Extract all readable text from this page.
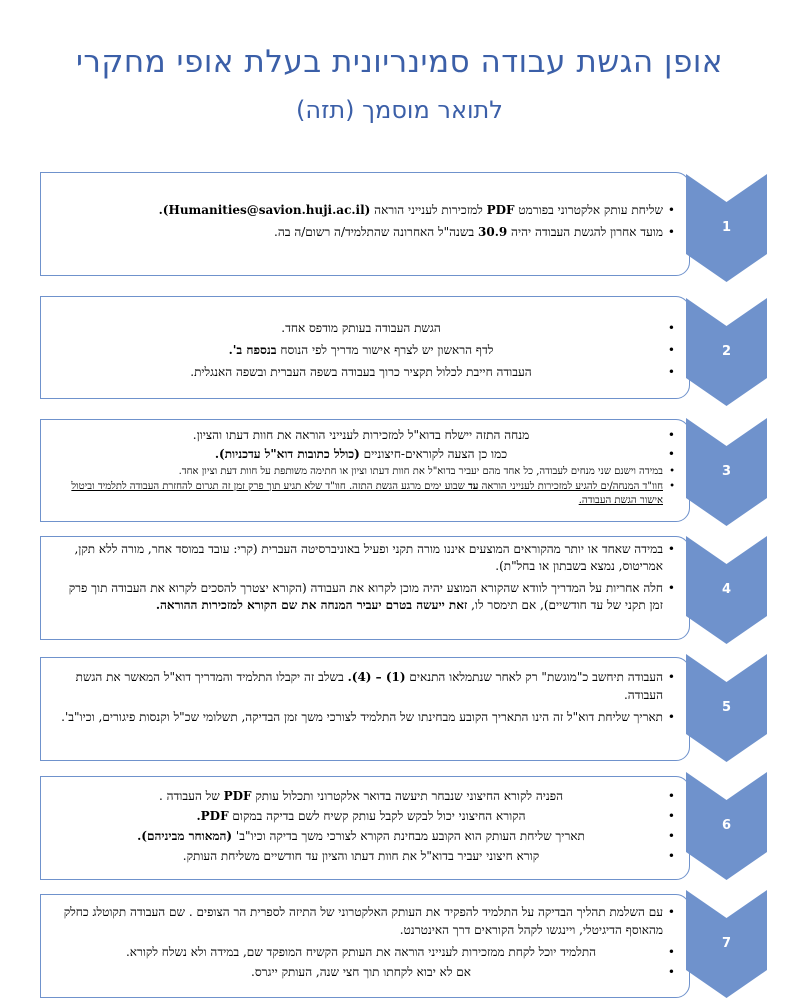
אופן הגשת עבודה סמינריונית בעלת אופי מחקרי
לתואר מוסמך (תזה)
• שליחת עותק אלקטרוני בפורמט PDF למזכירות לענייני הוראה (Humanities@savion.huji.ac.il).
• מועד אחרון להגשת העבודה יהיה 30.9 בשנה"ל האחרונה שהתלמיד/ה רשום/ה בה.	1
• הגשת העבודה בעותק מודפס אחד.
• לדף הראשון יש לצרף אישור מדריך לפי הנוסח בנספח ב'.
• העבודה חייבת לכלול תקציר כרוך בעבודה בשפה העברית ובשפה האנגלית.
2
• מנחה התזה יישלח בדוא"ל למזכירות לענייני הוראה את חוות דעתו והציון.
• כמו כן הצעה לקוראים-חיצוניים (כולל כתובות דוא"ל עדכניות).
• במידה וישנם שני מנחים לעבודה, כל אחד מהם יעביר בדוא"ל את חוות דעתו וציון או חתימה משותפת על חוות דעת וציון אחד.
• חוו"ד המנחה/ים להגיע למזכירות לענייני הוראה עד שבוע ימים מרגע הגשת התזה. חוו"ד שלא תגיע תוך פרק זמן זה תגרום להחזרת העבודה לתלמיד וביטול אישור הגשת העבודה.
3
• במידה שאחד או יותר מהקוראים המוצעים איננו מורה תקני ופעיל באוניברסיטה העברית (קרי: עובד במוסד אחר, מורה ללא תקן, אמריטוס, נמצא בשבתון או בחל"ת).
• חלה אחריות על המדריך לוודא שהקורא המוצע יהיה מוכן לקרוא את העבודה (הקורא יצטרך להסכים לקרוא את העבודה תוך פרק זמן תקני של עד חודשיים), אם תימסר לו, זאת ייעשה בטרם יעביר המנחה את שם הקורא למזכירות ההוראה.
4
• העבודה תיחשב כ"מוגשת" רק לאחר שנתמלאו התנאים (1) – (4). בשלב זה יקבלו התלמיד והמדריך דוא"ל המאשר את הגשת העבודה.
• תאריך שליחת דוא"ל זה הינו התאריך הקובע מבחינתו של התלמיד לצורכי משך זמן הבדיקה, תשלומי שכ"ל וקנסות פיגורים, וכיו"ב'.
5
• הפניה לקורא החיצוני שנבחר תיעשה בדואר אלקטרוני ותכלול עותק PDF של העבודה .
• הקורא החיצוני יכול לבקש לקבל עותק קשיח לשם בדיקה במקום PDF.
• תאריך שליחת העותק הוא הקובע מבחינת הקורא לצורכי משך בדיקה וכיו"ב' (המאוחר מביניהם).
• קורא חיצוני יעביר בדוא"ל את חוות דעתו והציון עד חודשיים משליחת העותק.
6
• עם השלמת תהליך הבדיקה על התלמיד להפקיד את העותק האלקטרוני של התיזה לספרית הר הצופים . שם העבודה תקוטלג כחלק מהאוסף הדיגיטלי, ויינגשו לקהל הקוראים דרך האינטרנט.
• התלמיד יוכל לקחת ממזכירות לענייני הוראה את העותק הקשיח המופקד שם, במידה ולא נשלח לקורא.
• אם לא יבוא לקחתו תוך חצי שנה, העותק ייגרס.
7
